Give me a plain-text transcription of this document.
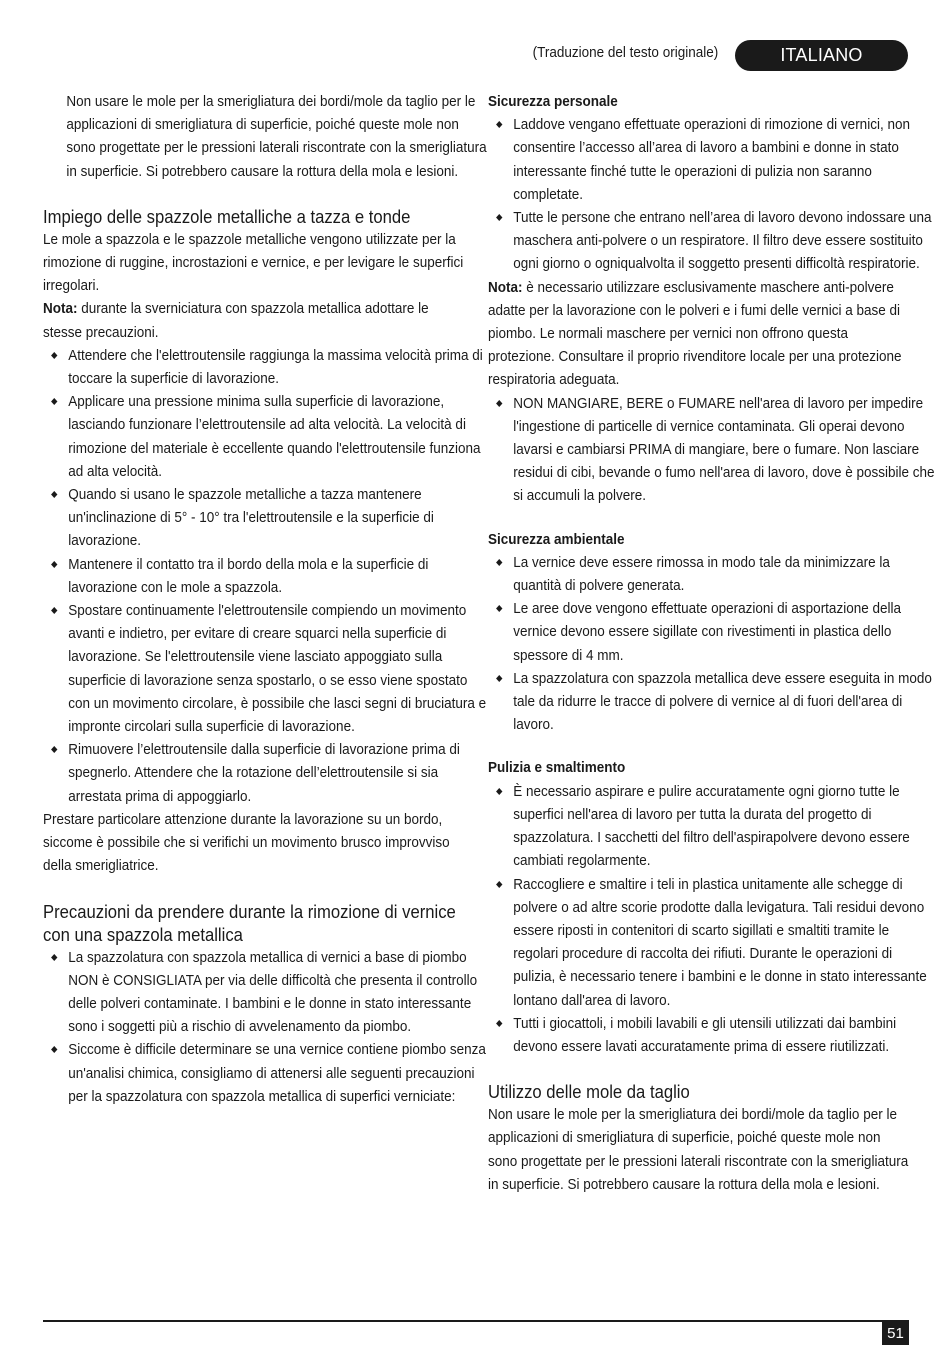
(Traduzione del testo originale)	ITALIANO

Non usare le mole per la smerigliatura dei bordi/mole da taglio per le applicazioni di smerigliatura di superficie, poiché queste mole non sono progettate per le pressioni laterali riscontrate con la smerigliatura in superficie. Si potrebbero causare la rottura della mola e lesioni.

Impiego delle spazzole metalliche a tazza e tonde

Le mole a spazzola e le spazzole metalliche vengono utilizzate per la rimozione di ruggine, incrostazioni e vernice, e per levigare le superfici irregolari.

Nota: durante la sverniciatura con spazzola metallica adottare le stesse precauzioni.

Attendere che l'elettroutensile raggiunga la massima velocità prima di toccare la superficie di lavorazione.
Applicare una pressione minima sulla superficie di lavorazione, lasciando funzionare l’elettroutensile ad alta velocità. La velocità di rimozione del materiale è eccellente quando l'elettroutensile funziona ad alta velocità.
Quando si usano le spazzole metalliche a tazza mantenere un'inclinazione di 5° - 10° tra l'elettroutensile e la superficie di lavorazione.
Mantenere il contatto tra il bordo della mola e la superficie di lavorazione con le mole a spazzola.
Spostare continuamente l'elettroutensile compiendo un movimento avanti e indietro, per evitare di creare squarci nella superficie di lavorazione. Se l'elettroutensile viene lasciato appoggiato sulla superficie di lavorazione senza spostarlo, o se esso viene spostato con un movimento circolare, è possibile che lasci segni di bruciatura e impronte circolari sulla superficie di lavorazione.
Rimuovere l’elettroutensile dalla superficie di lavorazione prima di spegnerlo. Attendere che la rotazione dell’elettroutensile si sia arrestata prima di appoggiarlo.

Prestare particolare attenzione durante la lavorazione su un bordo, siccome è possibile che si verifichi un movimento brusco improvviso della smerigliatrice.

Precauzioni da prendere durante la rimozione di vernice con una spazzola metallica
La spazzolatura con spazzola metallica di vernici a base di piombo NON è CONSIGLIATA per via delle difficoltà che presenta il controllo delle polveri contaminate. I bambini e le donne in stato interessante sono i soggetti più a rischio di avvelenamento da piombo.
Siccome è difficile determinare se una vernice contiene piombo senza un'analisi chimica, consigliamo di attenersi alle seguenti precauzioni per la spazzolatura con spazzola metallica di superfici verniciate:
Sicurezza personale
Laddove vengano effettuate operazioni di rimozione di vernici, non consentire l’accesso all’area di lavoro a bambini e donne in stato interessante finché tutte le operazioni di pulizia non saranno completate.
Tutte le persone che entrano nell’area di lavoro devono indossare una maschera anti-polvere o un respiratore. Il filtro deve essere sostituito ogni giorno o ogniqualvolta il soggetto presenti difficoltà respiratorie.

Nota: è necessario utilizzare esclusivamente maschere anti-polvere adatte per la lavorazione con le polveri e i fumi delle vernici a base di piombo. Le normali maschere per vernici non offrono questa protezione. Consultare il proprio rivenditore locale per una protezione respiratoria adeguata.

NON MANGIARE, BERE o FUMARE nell'area di lavoro per impedire l'ingestione di particelle di vernice contaminata. Gli operai devono lavarsi e cambiarsi PRIMA di mangiare, bere o fumare. Non lasciare residui di cibi, bevande o fumo nell'area di lavoro, dove è possibile che si accumuli la polvere.
Sicurezza ambientale
La vernice deve essere rimossa in modo tale da minimizzare la quantità di polvere generata.
Le aree dove vengono effettuate operazioni di asportazione della vernice devono essere sigillate con rivestimenti in plastica dello spessore di 4 mm.
La spazzolatura con spazzola metallica deve essere eseguita in modo tale da ridurre le tracce di polvere di vernice al di fuori dell'area di lavoro.
Pulizia e smaltimento
È necessario aspirare e pulire accuratamente ogni giorno tutte le superfici nell'area di lavoro per tutta la durata del progetto di spazzolatura. I sacchetti del filtro dell'aspirapolvere devono essere cambiati regolarmente.
Raccogliere e smaltire i teli in plastica unitamente alle schegge di polvere o ad altre scorie prodotte dalla levigatura. Tali residui devono essere riposti in contenitori di scarto sigillati e smaltiti tramite le regolari procedure di raccolta dei rifiuti. Durante le operazioni di pulizia, è necessario tenere i bambini e le donne in stato interessante lontano dall'area di lavoro.
Tutti i giocattoli, i mobili lavabili e gli utensili utilizzati dai bambini devono essere lavati accuratamente prima di essere riutilizzati.
Utilizzo delle mole da taglio

Non usare le mole per la smerigliatura dei bordi/mole da taglio per le applicazioni di smerigliatura di superficie, poiché queste mole non sono progettate per le pressioni laterali riscontrate con la smerigliatura in superficie. Si potrebbero causare la rottura della mola e lesioni.

51
